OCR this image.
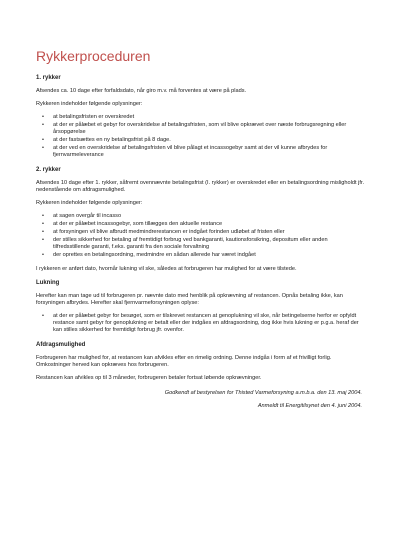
Rykkerproceduren
1. rykker

Afsendes ca. 10 dage efter forfaldsdato, når giro m.v. må forventes at være på plads.

Rykkeren indeholder følgende oplysninger:

• at betalingsfristen er overskredet
• at der er pålæbet et gebyr for overskridelse af betalingsfristen, som vil blive opkrævet over næste forbrugsregning eller årsopgørelse
• at der fastsættes en ny betalingsfrist på 8 dage.
• at der ved en overskridelse af betalingsfristen vil blive pålagt et incassogebyr samt at der vil kunne afbrydes for fjernvarmeleverance
2. rykker

Afsendes 10 dage efter 1. rykker, såfremt ovennævnte betalingsfrist (I. rykker) er overskredet eller en betalingsordning misligholdt jfr. nedenstående om afdragsmulighed.

Rykkeren indeholder følgende oplysninger:

• at sagen overgår til incasso
• at der er pålæbet incassogebyr, som tillægges den aktuelle restance
• at forsyningen vil blive afbrudt medmindrerestancen er indgået forinden udløbet af fristen eller
• der stilles sikkerhed for betaling af fremtidigt forbrug ved bankgaranti, kautionsforsikring, depositum eller anden tilfredsstillende garanti, f.eks. garanti fra den sociale forvaltning
• der oprettes en betalingsordning, medmindre en sådan allerede har været indgået

I rykkeren er anført dato, hvornår lukning vil ske, således at forbrugeren har mulighed for at være tilstede.

Lukning

Herefter kan man tage ud til forbrugeren pr. nævnte dato med henblik på opkrævning af restancen. Opnås betaling ikke, kan forsyningen afbrydes. Herefter skal fjernvarmeforsyningen oplyse:

• at der er pålæbet gebyr for besøget, som er tilskrevet restancen at genoplukning vil ske, når betingelserne herfor er opfyldt restance samt gebyr for genoplukning er betalt eller der indgåes en afdragsordning, dog ikke hvis lukning er p.g.a. heraf der kan stilles sikkerhed for fremtidigt forbrug jfr. ovenfor.
Afdragsmulighed

Forbrugeren har mulighed for, at restancen kan afvikles efter en rimelig ordning. Denne indgås i form af et frivilligt forlig. Omkostninger herved kan opkræves hos forbrugeren.

Restancen kan afvikles op til 3 måneder, forbrugeren betaler fortsat løbende opkrævninger.

Godkendt af bestyrelsen for Thisted Varmeforsyning a.m.b.a. den 13. maj 2004.
Anmeldt til Energitilsynet den 4. juni 2004.
